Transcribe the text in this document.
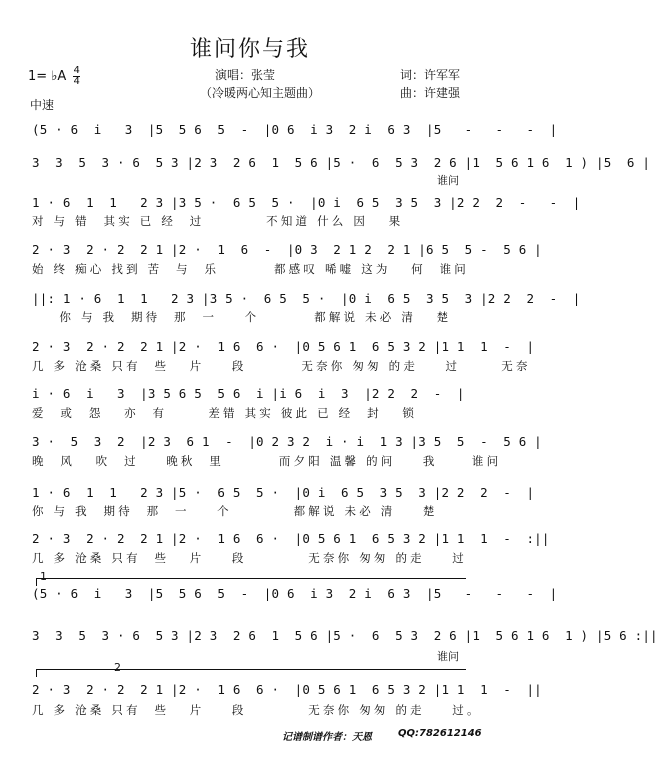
谁问你与我
演唱：张莹
（冷暖两心知主题曲）
词：许军军
曲：许建强
1= ♭A $\frac{4}{4}$
中速
(5 · 6  i   3  |5  5 6  5  -  |0 6  i 3  2 i  6 3  |5   -   -   -  |
3  3  5  3 · 6  5 3 |2 3  2 6  1  5 6 |5 ·  6  5 3  2 6 |1  5 6 1 6  1 ) |5  6 |
谁问
1 · 6  1  1   2 3 |3 5 ·  6 5  5 ·  |0 i  6 5  3 5  3 |2 2  2  -   -  |
对 与 错  其实 已 经  过         不知道 什么 因   果
2 · 3  2 · 2  2 1 |2 ·  1  6  -  |0 3  2 1 2  2 1 |6 5  5 -  5 6 |
始 终 痴心 找到 苦  与  乐        都感叹 唏嘘 这为   何  谁问
||: 1 · 6  1  1   2 3 |3 5 ·  6 5  5 ·  |0 i  6 5  3 5  3 |2 2  2  -  |
你 与 我  期待  那  一    个        都解说 未必 清   楚
2 · 3  2 · 2  2 1 |2 ·  1 6  6 ·  |0 5 6 1  6 5 3 2 |1 1  1  -  |
几 多 沧桑 只有  些   片    段        无奈你 匆匆 的走    过      无奈
i · 6  i   3  |3 5 6 5  5 6  i |i 6  i  3  |2 2  2  -  |
爱  或  怨   亦  有      差错 其实 彼此 已 经  封   锁
3 ·  5  3  2  |2 3  6 1  -  |0 2 3 2  i · i  1 3 |3 5  5  -  5 6 |
晚  风   吹  过    晚秋  里        而夕阳 温馨 的问    我     谁问
1 · 6  1  1   2 3 |5 ·  6 5  5 ·  |0 i  6 5  3 5  3 |2 2  2  -  |
你 与 我  期待  那  一    个         都解说 未必 清    楚
2 · 3  2 · 2  2 1 |2 ·  1 6  6 ·  |0 5 6 1  6 5 3 2 |1 1  1  -  :||
几 多 沧桑 只有  些   片    段         无奈你 匆匆 的走    过
1
(5 · 6  i   3  |5  5 6  5  -  |0 6  i 3  2 i  6 3  |5   -   -   -  |
3  3  5  3 · 6  5 3 |2 3  2 6  1  5 6 |5 ·  6  5 3  2 6 |1  5 6 1 6  1 ) |5 6 :||
谁问
2
2 · 3  2 · 2  2 1 |2 ·  1 6  6 ·  |0 5 6 1  6 5 3 2 |1 1  1  -  ||
几 多 沧桑 只有  些   片    段         无奈你 匆匆 的走    过。
记谱制谱作者：天恩	QQ:782612146
